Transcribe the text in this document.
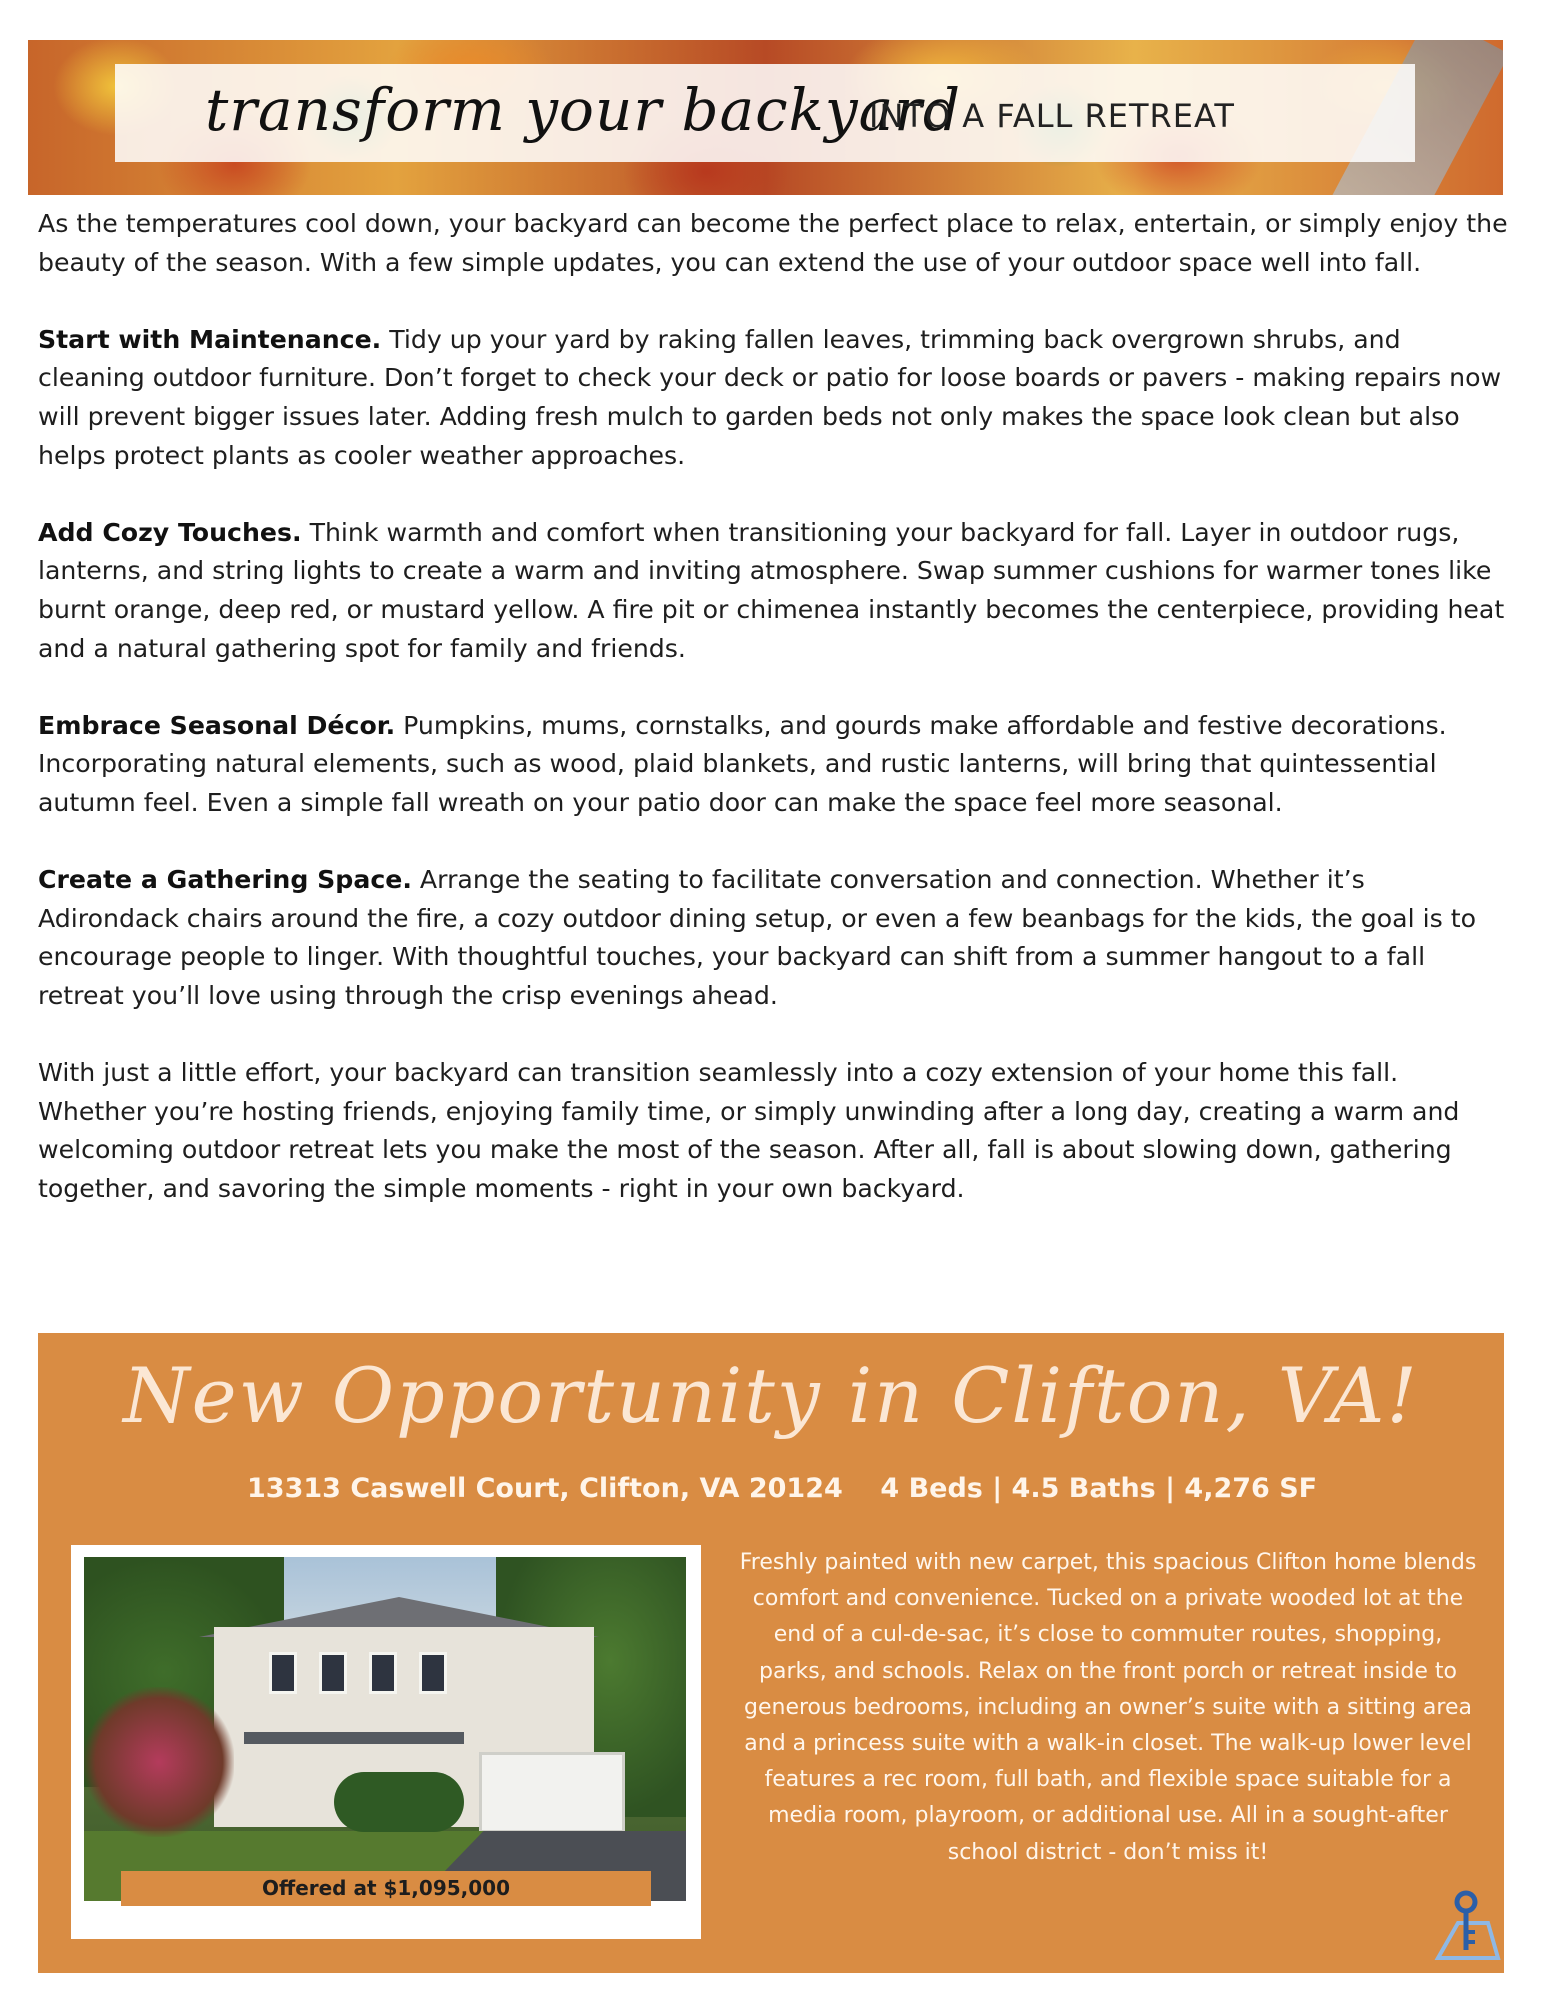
transform your backyard
INTO A FALL RETREAT

As the temperatures cool down, your backyard can become the perfect place to relax, entertain, or simply enjoy the beauty of the season. With a few simple updates, you can extend the use of your outdoor space well into fall.

Start with Maintenance. Tidy up your yard by raking fallen leaves, trimming back overgrown shrubs, and cleaning outdoor furniture. Don’t forget to check your deck or patio for loose boards or pavers - making repairs now will prevent bigger issues later. Adding fresh mulch to garden beds not only makes the space look clean but also helps protect plants as cooler weather approaches.

Add Cozy Touches. Think warmth and comfort when transitioning your backyard for fall. Layer in outdoor rugs, lanterns, and string lights to create a warm and inviting atmosphere. Swap summer cushions for warmer tones like burnt orange, deep red, or mustard yellow. A fire pit or chimenea instantly becomes the centerpiece, providing heat and a natural gathering spot for family and friends.

Embrace Seasonal Décor. Pumpkins, mums, cornstalks, and gourds make affordable and festive decorations. Incorporating natural elements, such as wood, plaid blankets, and rustic lanterns, will bring that quintessential autumn feel. Even a simple fall wreath on your patio door can make the space feel more seasonal.

Create a Gathering Space. Arrange the seating to facilitate conversation and connection. Whether it’s Adirondack chairs around the fire, a cozy outdoor dining setup, or even a few beanbags for the kids, the goal is to encourage people to linger. With thoughtful touches, your backyard can shift from a summer hangout to a fall retreat you’ll love using through the crisp evenings ahead.

With just a little effort, your backyard can transition seamlessly into a cozy extension of your home this fall. Whether you’re hosting friends, enjoying family time, or simply unwinding after a long day, creating a warm and welcoming outdoor retreat lets you make the most of the season. After all, fall is about slowing down, gathering together, and savoring the simple moments - right in your own backyard.

New Opportunity in Clifton, VA!
13313 Caswell Court, Clifton, VA 20124 4 Beds | 4.5 Baths | 4,276 SF
Offered at $1,095,000
Freshly painted with new carpet, this spacious Clifton home blends comfort and convenience. Tucked on a private wooded lot at the end of a cul-de-sac, it’s close to commuter routes, shopping, parks, and schools. Relax on the front porch or retreat inside to generous bedrooms, including an owner’s suite with a sitting area and a princess suite with a walk-in closet. The walk-up lower level features a rec room, full bath, and flexible space suitable for a media room, playroom, or additional use. All in a sought-after school district - don’t miss it!
